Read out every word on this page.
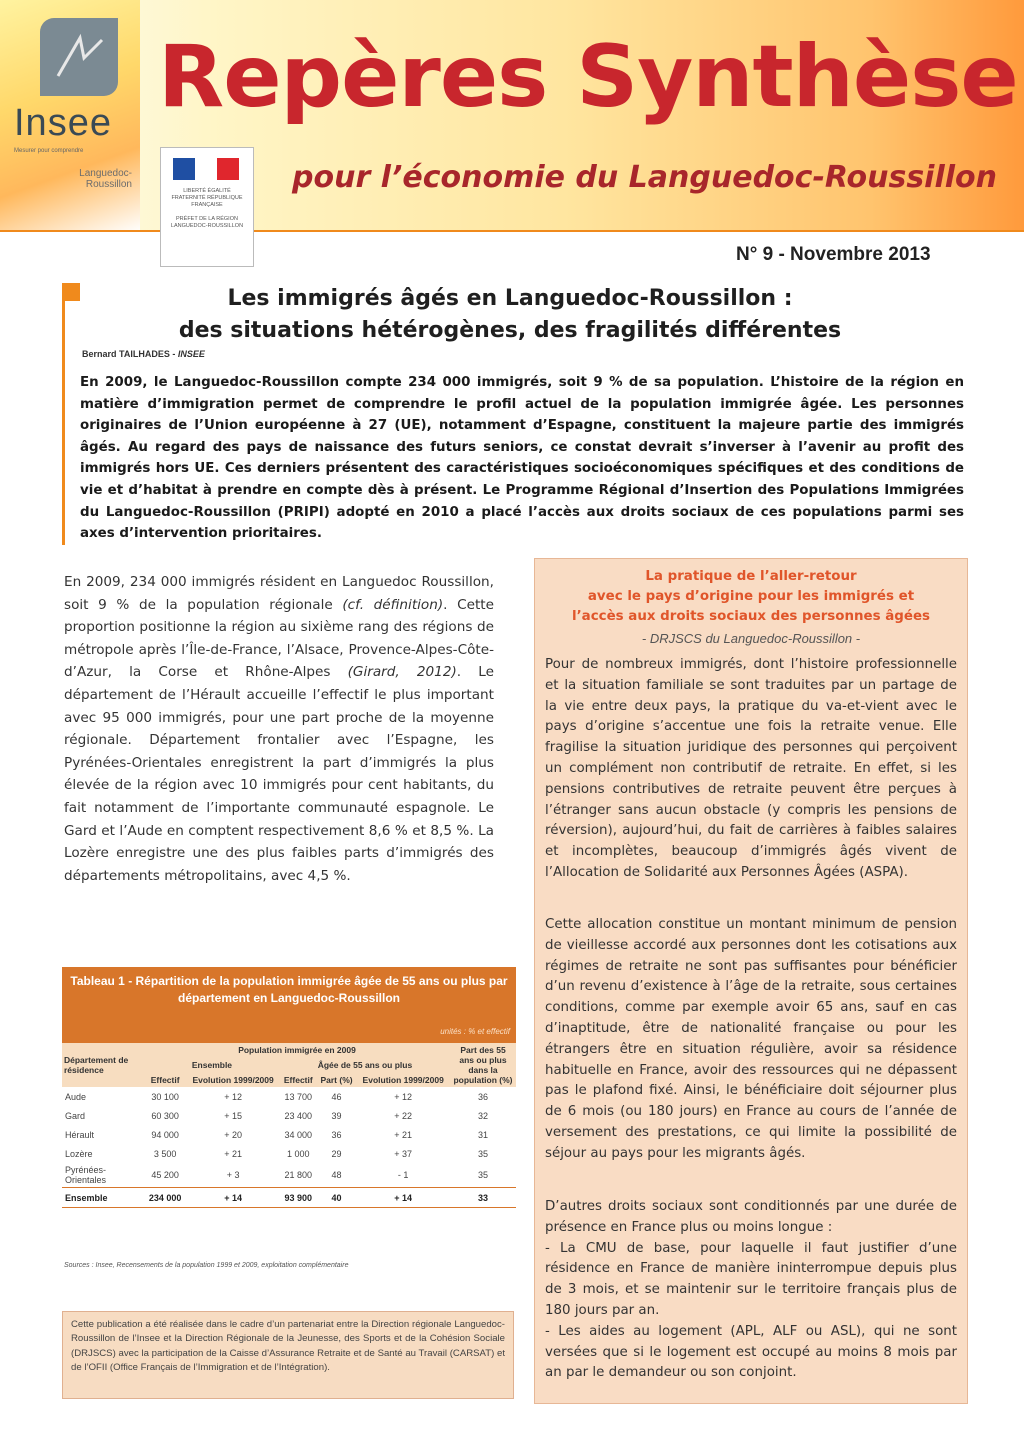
Insee
Mesurer pour comprendre
Languedoc-Roussillon
Repères Synthèse
pour l’économie du Languedoc-Roussillon
LIBERTÉ ÉGALITÉ FRATERNITÉ RÉPUBLIQUE FRANÇAISE
PRÉFET DE LA RÉGION LANGUEDOC-ROUSSILLON
N° 9 - Novembre 2013
Les immigrés âgés en Languedoc-Roussillon :
des situations hétérogènes, des fragilités différentes
Bernard TAILHADES - INSEE
En 2009, le Languedoc-Roussillon compte 234 000 immigrés, soit 9 % de sa population. L’histoire de la région en matière d’immigration permet de comprendre le profil actuel de la population immigrée âgée. Les personnes originaires de l’Union européenne à 27 (UE), notamment d’Espagne, constituent la majeure partie des immigrés âgés. Au regard des pays de naissance des futurs seniors, ce constat devrait s’inverser à l’avenir au profit des immigrés hors UE. Ces derniers présentent des caractéristiques socioéconomiques spécifiques et des conditions de vie et d’habitat à prendre en compte dès à présent. Le Programme Régional d’Insertion des Populations Immigrées du Languedoc-Roussillon (PRIPI) adopté en 2010 a placé l’accès aux droits sociaux de ces populations parmi ses axes d’intervention prioritaires.
En 2009, 234 000 immigrés résident en Languedoc Roussillon, soit 9 % de la population régionale (cf. définition). Cette proportion positionne la région au sixième rang des régions de métropole après l’Île-de-France, l’Alsace, Provence-Alpes-Côte-d’Azur, la Corse et Rhône-Alpes (Girard, 2012). Le département de l’Hérault accueille l’effectif le plus important avec 95 000 immigrés, pour une part proche de la moyenne régionale. Département frontalier avec l’Espagne, les Pyrénées-Orientales enregistrent la part d’immigrés la plus élevée de la région avec 10 immigrés pour cent habitants, du fait notamment de l’importante communauté espagnole. Le Gard et l’Aude en comptent respectivement 8,6 % et 8,5 %. La Lozère enregistre une des plus faibles parts d’immigrés des départements métropolitains, avec 4,5 %.
Tableau 1 - Répartition de la population immigrée âgée de 55 ans ou plus par département en Languedoc-Roussillon
unités : % et effectif
Département de résidence	Population immigrée en 2009					Part des 55 ans ou plus dans la population (%)
	Ensemble		Âgée de 55 ans ou plus			
	Effectif	Evolution 1999/2009	Effectif	Part (%)	Evolution 1999/2009	
Aude	30 100	+ 12	13 700	46	+ 12	36
Gard	60 300	+ 15	23 400	39	+ 22	32
Hérault	94 000	+ 20	34 000	36	+ 21	31
Lozère	3 500	+ 21	1 000	29	+ 37	35
Pyrénées-Orientales	45 200	+ 3	21 800	48	- 1	35
Ensemble	234 000	+ 14	93 900	40	+ 14	33
Sources : Insee, Recensements de la population 1999 et 2009, exploitation complémentaire
Cette publication a été réalisée dans le cadre d’un partenariat entre la Direction régionale Languedoc-Roussillon de l’Insee et la Direction Régionale de la Jeunesse, des Sports et de la Cohésion Sociale (DRJSCS) avec la participation de la Caisse d’Assurance Retraite et de Santé au Travail (CARSAT) et de l’OFII (Office Français de l’Immigration et de l’Intégration).
La pratique de l’aller-retour
avec le pays d’origine pour les immigrés et
l’accès aux droits sociaux des personnes âgées
- DRJSCS du Languedoc-Roussillon -

Pour de nombreux immigrés, dont l’histoire professionnelle et la situation familiale se sont traduites par un partage de la vie entre deux pays, la pratique du va-et-vient avec le pays d’origine s’accentue une fois la retraite venue. Elle fragilise la situation juridique des personnes qui perçoivent un complément non contributif de retraite. En effet, si les pensions contributives de retraite peuvent être perçues à l’étranger sans aucun obstacle (y compris les pensions de réversion), aujourd’hui, du fait de carrières à faibles salaires et incomplètes, beaucoup d’immigrés âgés vivent de l’Allocation de Solidarité aux Personnes Âgées (ASPA).

Cette allocation constitue un montant minimum de pension de vieillesse accordé aux personnes dont les cotisations aux régimes de retraite ne sont pas suffisantes pour bénéficier d’un revenu d’existence à l’âge de la retraite, sous certaines conditions, comme par exemple avoir 65 ans, sauf en cas d’inaptitude, être de nationalité française ou pour les étrangers être en situation régulière, avoir sa résidence habituelle en France, avoir des ressources qui ne dépassent pas le plafond fixé. Ainsi, le bénéficiaire doit séjourner plus de 6 mois (ou 180 jours) en France au cours de l’année de versement des prestations, ce qui limite la possibilité de séjour au pays pour les migrants âgés.

D’autres droits sociaux sont conditionnés par une durée de présence en France plus ou moins longue :
- La CMU de base, pour laquelle il faut justifier d’une résidence en France de manière ininterrompue depuis plus de 3 mois, et se maintenir sur le territoire français plus de 180 jours par an.
- Les aides au logement (APL, ALF ou ASL), qui ne sont versées que si le logement est occupé au moins 8 mois par an par le demandeur ou son conjoint.
